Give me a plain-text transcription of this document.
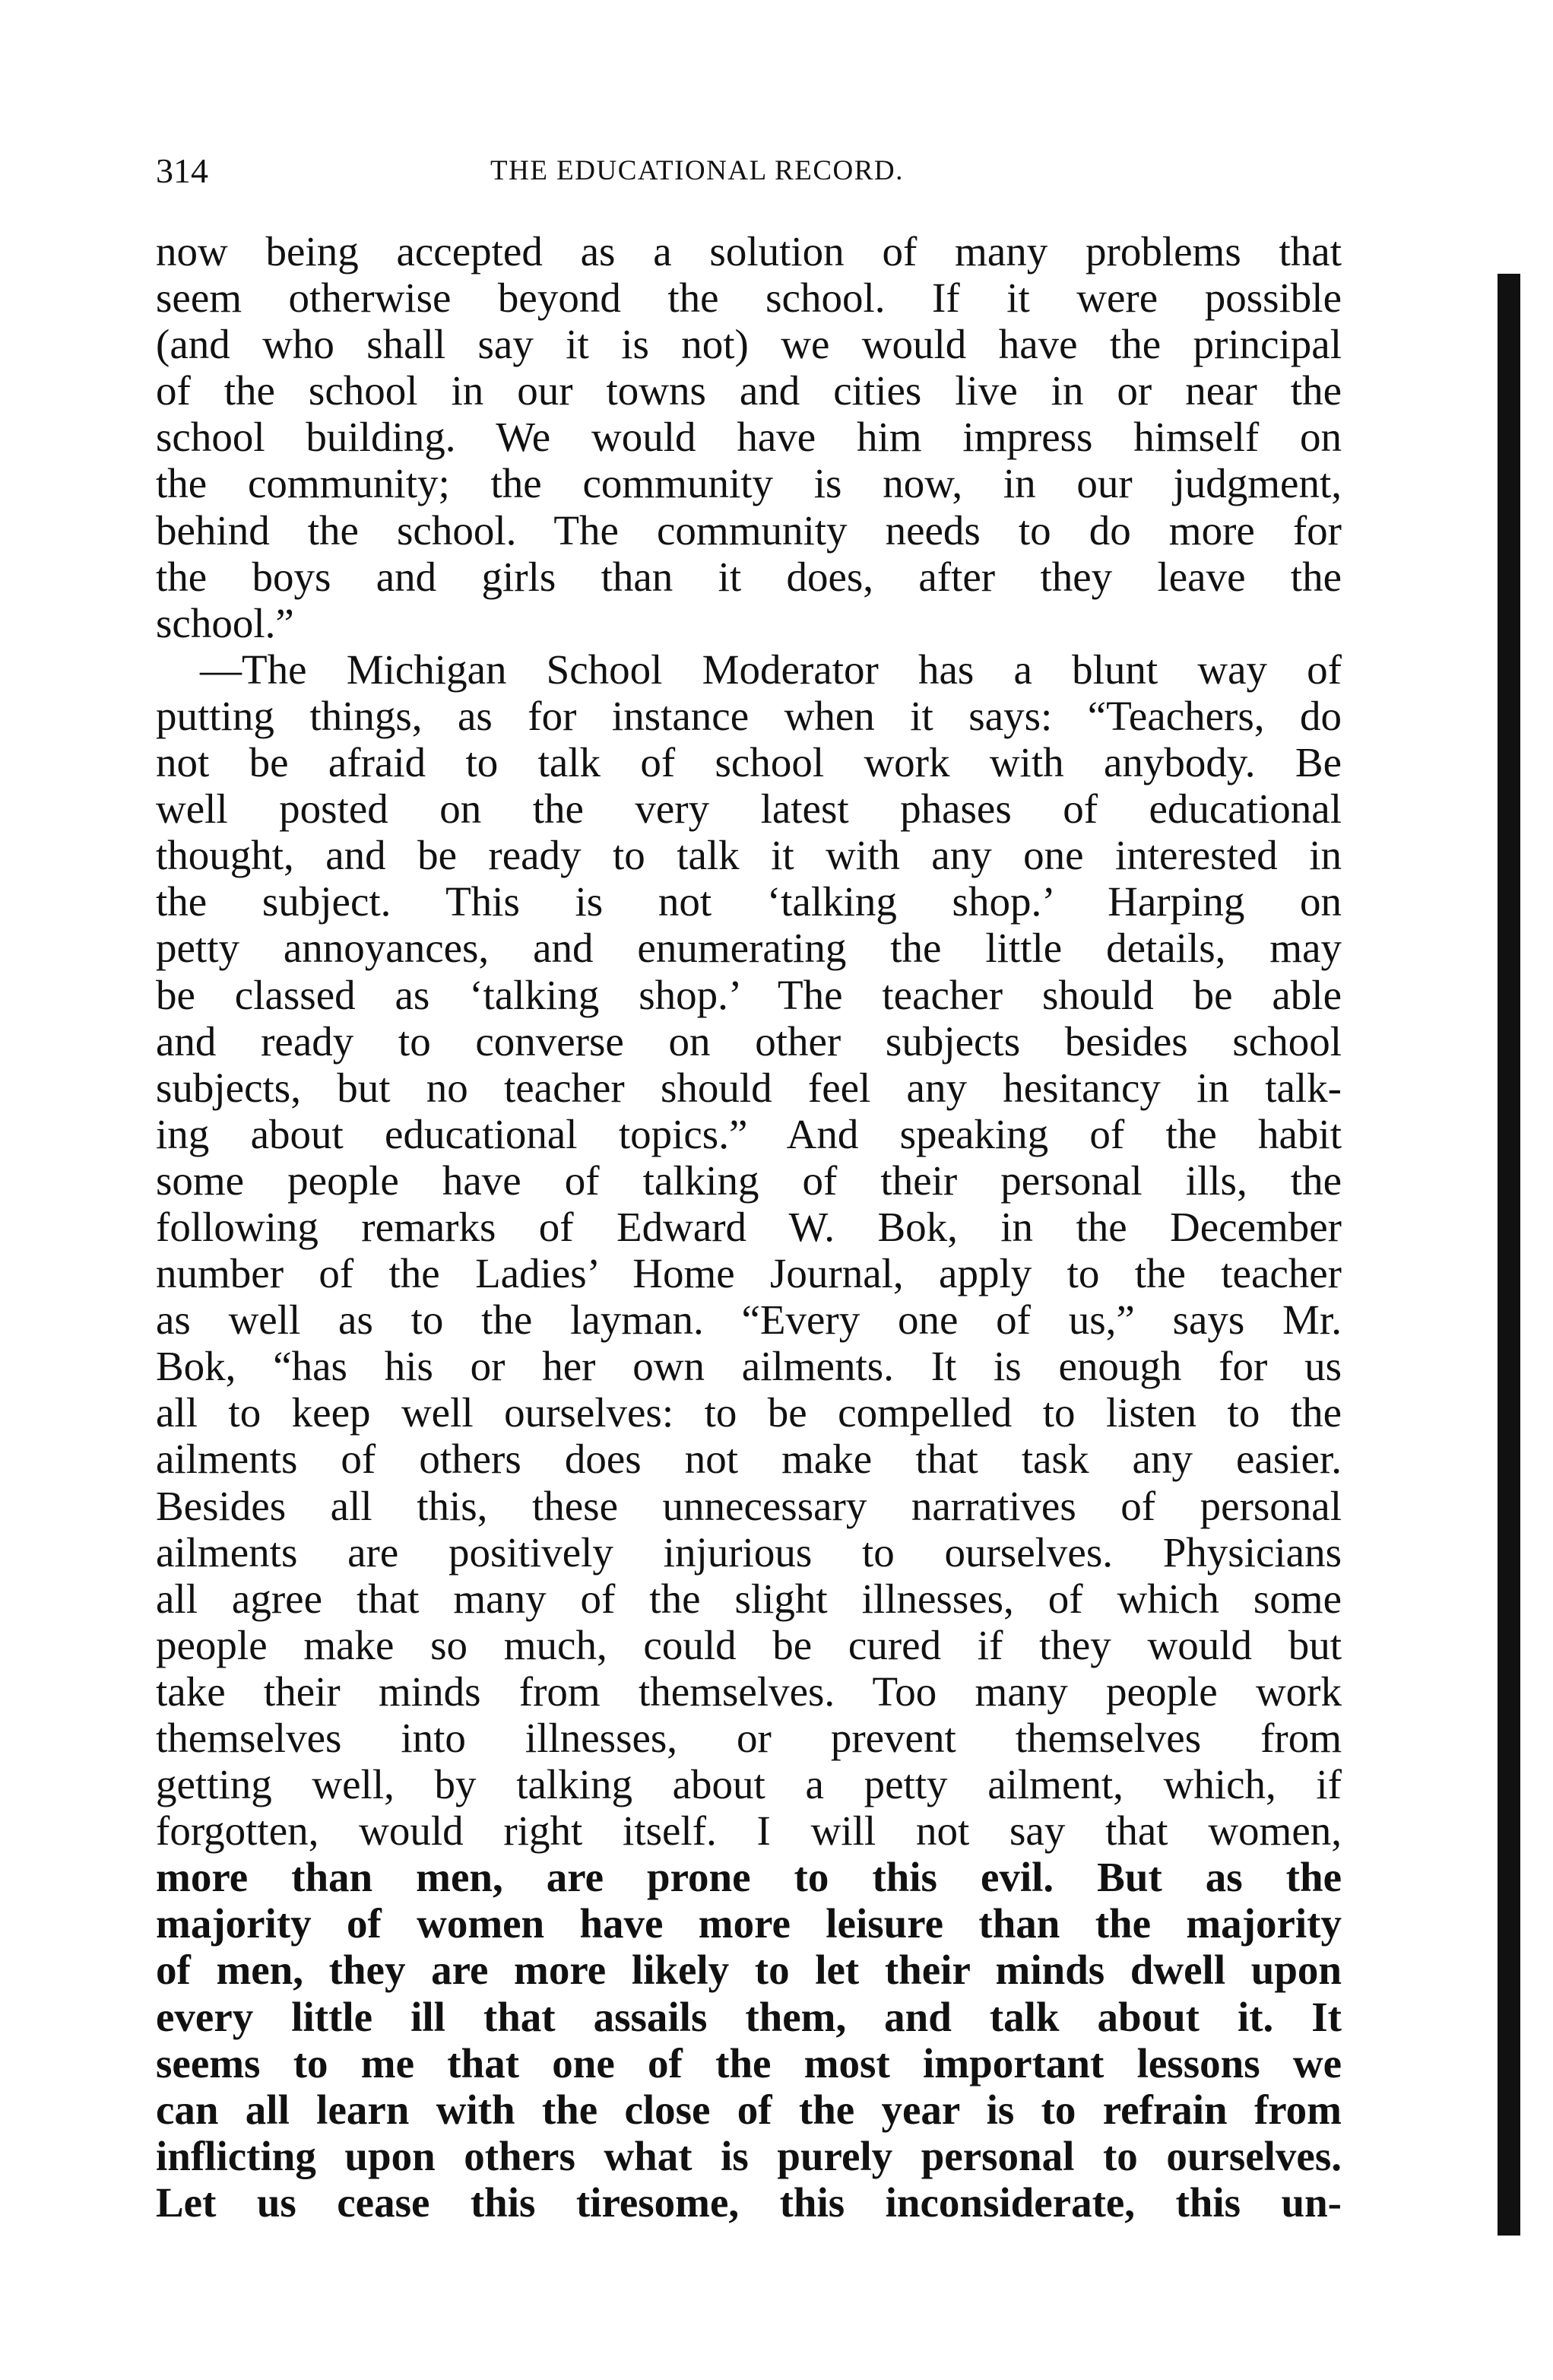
314	THE EDUCATIONAL RECORD.
now being accepted as a solution of many problems that
seem otherwise beyond the school. If it were possible
(and who shall say it is not) we would have the principal
of the school in our towns and cities live in or near the
school building. We would have him impress himself on
the community; the community is now, in our judgment,
behind the school. The community needs to do more for
the boys and girls than it does, after they leave the
school.”
—The Michigan School Moderator has a blunt way of
putting things, as for instance when it says: “Teachers, do
not be afraid to talk of school work with anybody. Be
well posted on the very latest phases of educational
thought, and be ready to talk it with any one interested in
the subject. This is not ‘talking shop.’ Harping on
petty annoyances, and enumerating the little details, may
be classed as ‘talking shop.’ The teacher should be able
and ready to converse on other subjects besides school
subjects, but no teacher should feel any hesitancy in talk-
ing about educational topics.” And speaking of the habit
some people have of talking of their personal ills, the
following remarks of Edward W. Bok, in the December
number of the Ladies’ Home Journal, apply to the teacher
as well as to the layman. “Every one of us,” says Mr.
Bok, “has his or her own ailments. It is enough for us
all to keep well ourselves: to be compelled to listen to the
ailments of others does not make that task any easier.
Besides all this, these unnecessary narratives of personal
ailments are positively injurious to ourselves. Physicians
all agree that many of the slight illnesses, of which some
people make so much, could be cured if they would but
take their minds from themselves. Too many people work
themselves into illnesses, or prevent themselves from
getting well, by talking about a petty ailment, which, if
forgotten, would right itself. I will not say that women,
more than men, are prone to this evil. But as the
majority of women have more leisure than the majority
of men, they are more likely to let their minds dwell upon
every little ill that assails them, and talk about it. It
seems to me that one of the most important lessons we
can all learn with the close of the year is to refrain from
inflicting upon others what is purely personal to ourselves.
Let us cease this tiresome, this inconsiderate, this un-
